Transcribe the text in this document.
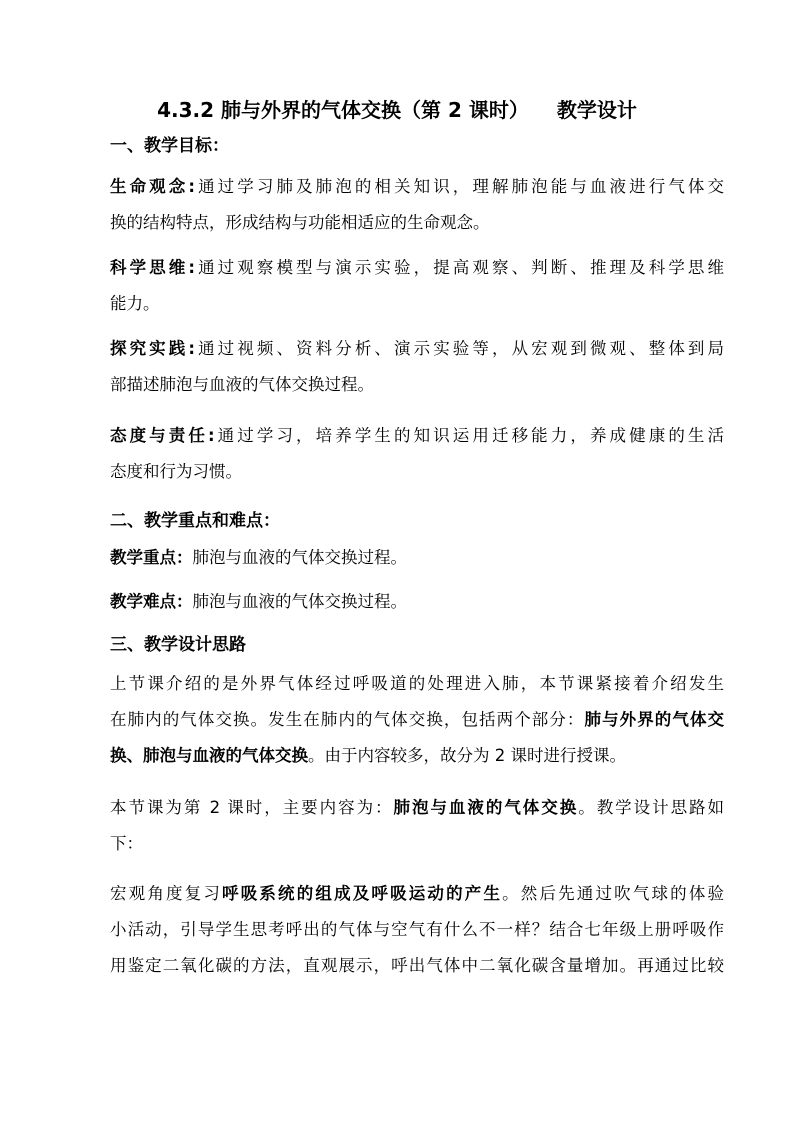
4.3.2 肺与外界的气体交换（第 2 课时） 教学设计
一、教学目标：
生命观念:通过学习肺及肺泡的相关知识，理解肺泡能与血液进行气体交
换的结构特点，形成结构与功能相适应的生命观念。
科学思维:通过观察模型与演示实验，提高观察、判断、推理及科学思维
能力。
探究实践:通过视频、资料分析、演示实验等，从宏观到微观、整体到局
部描述肺泡与血液的气体交换过程。
态度与责任:通过学习，培养学生的知识运用迁移能力，养成健康的生活
态度和行为习惯。
二、教学重点和难点：
教学重点：肺泡与血液的气体交换过程。
教学难点：肺泡与血液的气体交换过程。
三、教学设计思路
上节课介绍的是外界气体经过呼吸道的处理进入肺，本节课紧接着介绍发生
在肺内的气体交换。发生在肺内的气体交换，包括两个部分：肺与外界的气体交
换、肺泡与血液的气体交换。由于内容较多，故分为 2 课时进行授课。
本节课为第 2 课时，主要内容为：肺泡与血液的气体交换。教学设计思路如
下：
宏观角度复习呼吸系统的组成及呼吸运动的产生。然后先通过吹气球的体验
小活动，引导学生思考呼出的气体与空气有什么不一样？结合七年级上册呼吸作
用鉴定二氧化碳的方法，直观展示，呼出气体中二氧化碳含量增加。再通过比较
